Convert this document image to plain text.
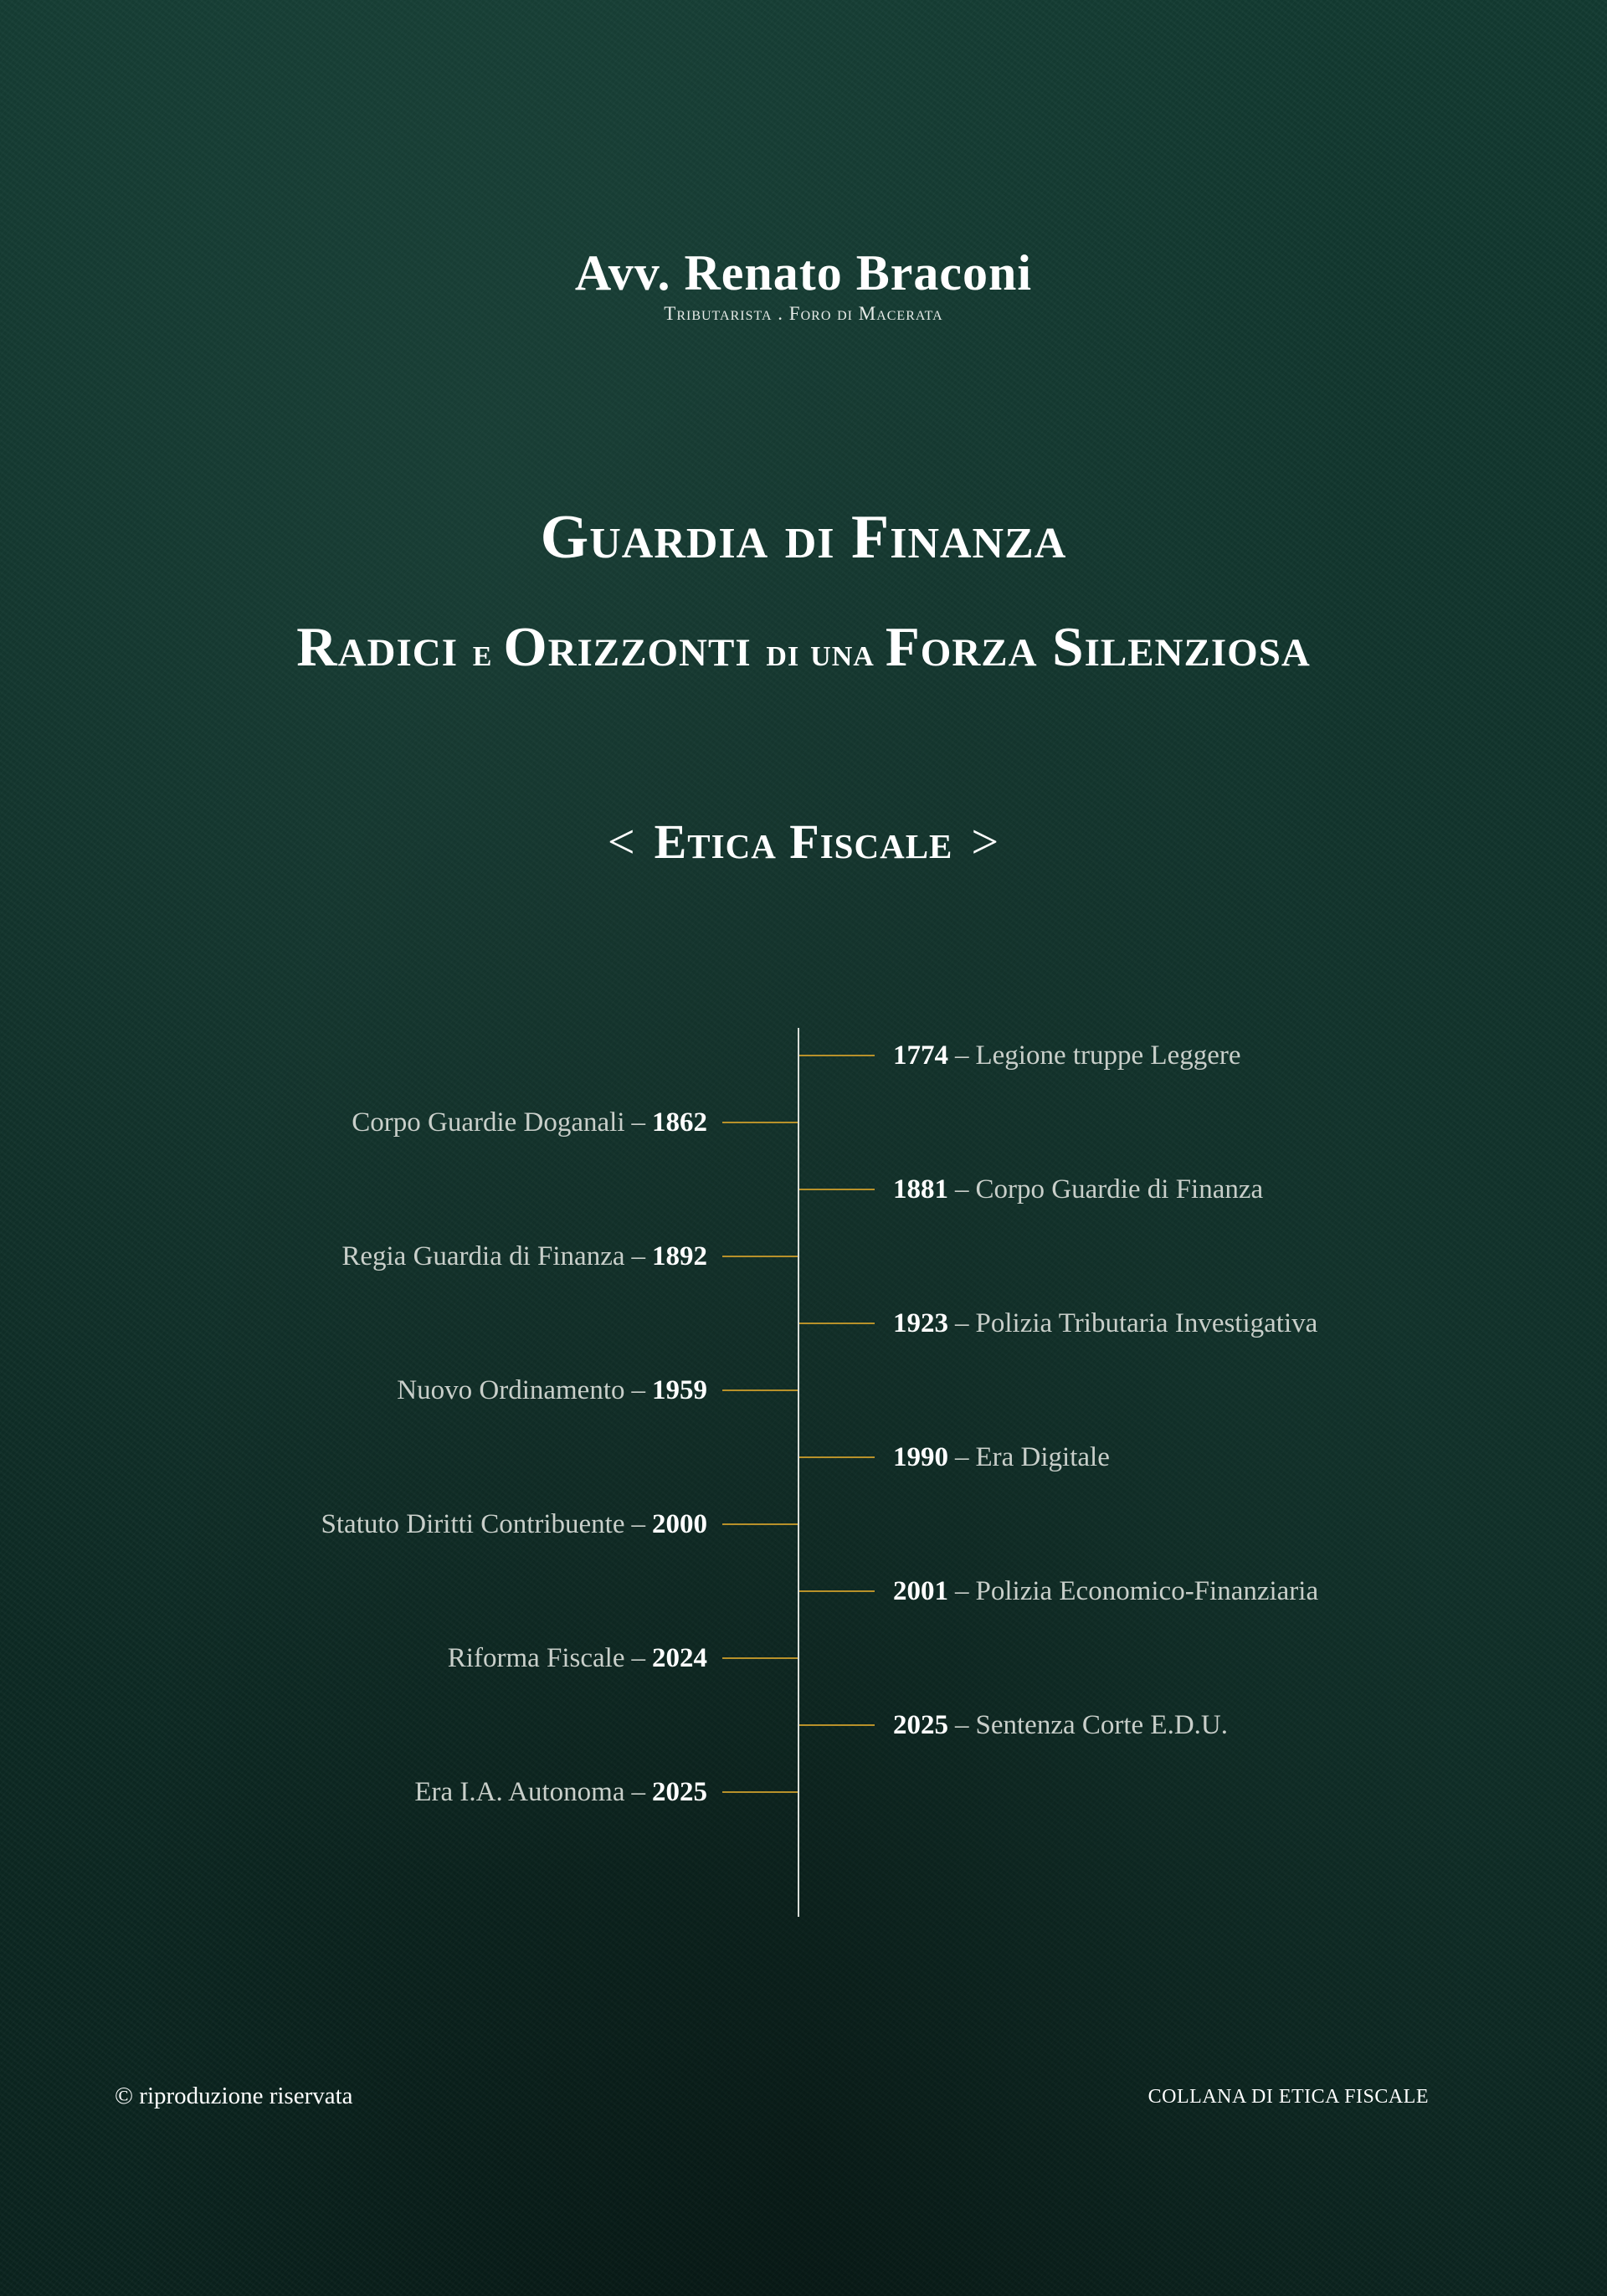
Avv. Renato Braconi
Tributarista . Foro di Macerata
Guardia di Finanza
Radici e Orizzonti di una Forza Silenziosa
< Etica Fiscale >
1774 – Legione truppe Leggere
1881 – Corpo Guardie di Finanza
1923 – Polizia Tributaria Investigativa
1990 – Era Digitale
2001 – Polizia Economico-Finanziaria
2025 – Sentenza Corte E.D.U.
Corpo Guardie Doganali – 1862
Regia Guardia di Finanza – 1892
Nuovo Ordinamento – 1959
Statuto Diritti Contribuente – 2000
Riforma Fiscale – 2024
Era I.A. Autonoma – 2025
© riproduzione riservata	COLLANA DI ETICA FISCALE
